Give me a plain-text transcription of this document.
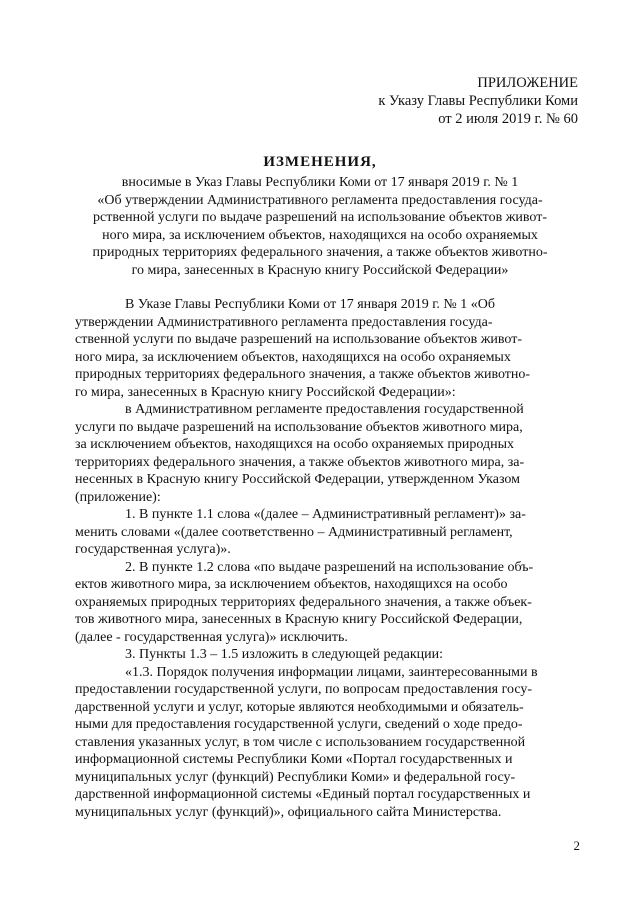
ПРИЛОЖЕНИЕ
к Указу Главы Республики Коми
от 2 июля 2019 г. № 60
ИЗМЕНЕНИЯ,
вносимые в Указ Главы Республики Коми от 17 января 2019 г. № 1
«Об утверждении Административного регламента предоставления госуда-
рственной услуги по выдаче разрешений на использование объектов живот-
ного мира, за исключением объектов, находящихся на особо охраняемых
природных территориях федерального значения, а также объектов животно-
го мира, занесенных в Красную книгу Российской Федерации»
В Указе Главы Республики Коми от 17 января 2019 г. № 1 «Об
утверждении Административного регламента предоставления госуда-
ственной услуги по выдаче разрешений на использование объектов живот-
ного мира, за исключением объектов, находящихся на особо охраняемых
природных территориях федерального значения, а также объектов животно-
го мира, занесенных в Красную книгу Российской Федерации»:
в Административном регламенте предоставления государственной
услуги по выдаче разрешений на использование объектов животного мира,
за исключением объектов, находящихся на особо охраняемых природных
территориях федерального значения, а также объектов животного мира, за-
несенных в Красную книгу Российской Федерации, утвержденном Указом
(приложение):
1. В пункте 1.1 слова «(далее – Административный регламент)» за-
менить словами «(далее соответственно – Административный регламент,
государственная услуга)».
2. В пункте 1.2 слова «по выдаче разрешений на использование объ-
ектов животного мира, за исключением объектов, находящихся на особо
охраняемых природных территориях федерального значения, а также объек-
тов животного мира, занесенных в Красную книгу Российской Федерации,
(далее - государственная услуга)» исключить.
3. Пункты 1.3 – 1.5 изложить в следующей редакции:
«1.3. Порядок получения информации лицами, заинтересованными в
предоставлении государственной услуги, по вопросам предоставления госу-
дарственной услуги и услуг, которые являются необходимыми и обязатель-
ными для предоставления государственной услуги, сведений о ходе предо-
ставления указанных услуг, в том числе с использованием государственной
информационной системы Республики Коми «Портал государственных и
муниципальных услуг (функций) Республики Коми» и федеральной госу-
дарственной информационной системы «Единый портал государственных и
муниципальных услуг (функций)», официального сайта Министерства.
2
